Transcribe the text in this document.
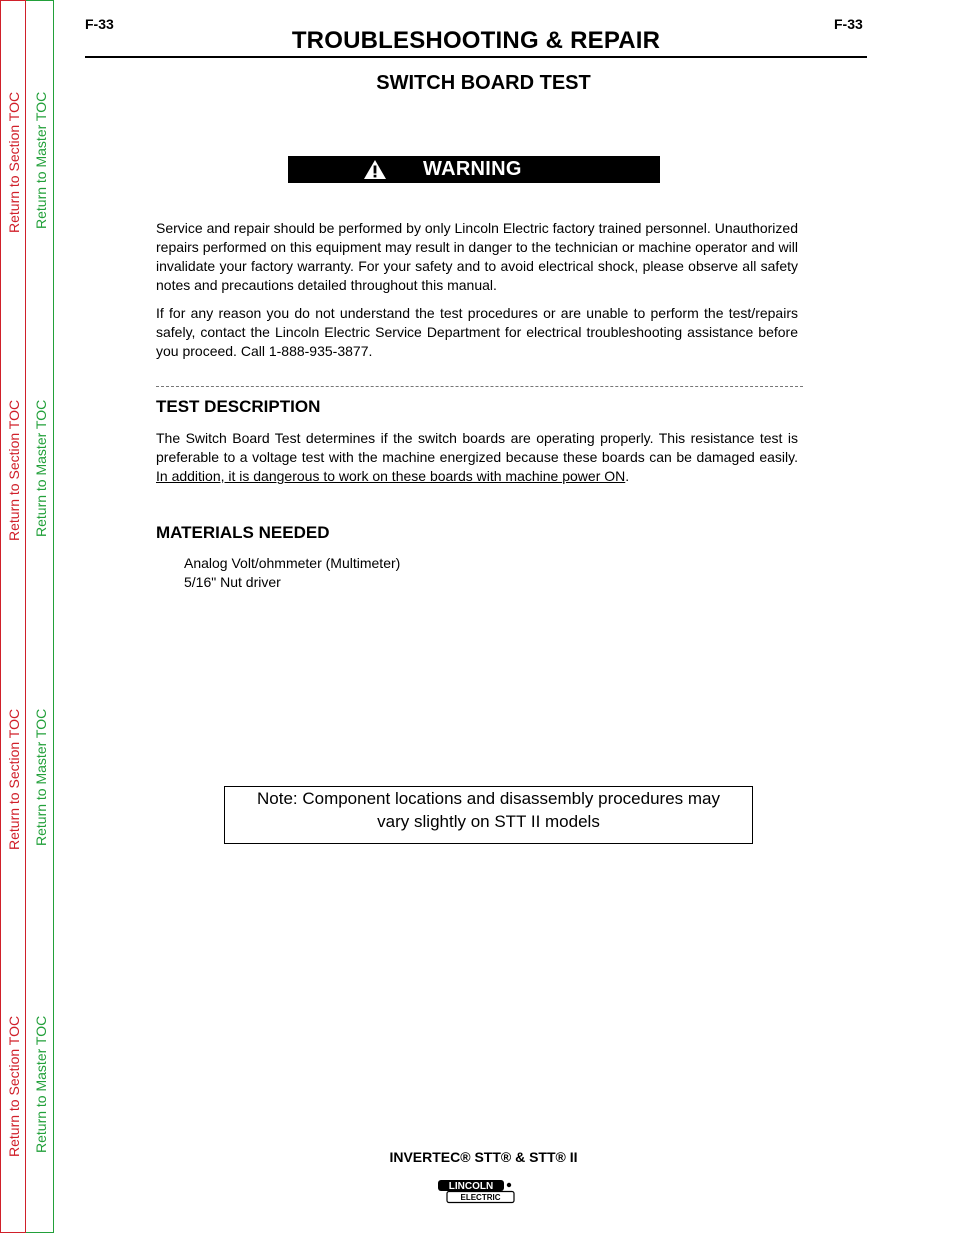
Return to Section TOC
Return to Section TOC
Return to Section TOC
Return to Section TOC
Return to Master TOC
Return to Master TOC
Return to Master TOC
Return to Master TOC
F-33	F-33
TROUBLESHOOTING & REPAIR
SWITCH BOARD TEST
WARNING

Service and repair should be performed by only Lincoln Electric factory trained personnel. Unauthorized repairs performed on this equipment may result in danger to the technician or machine operator and will invalidate your factory warranty. For your safety and to avoid electrical shock, please observe all safety notes and precautions detailed throughout this manual.

If for any reason you do not understand the test procedures or are unable to perform the test/repairs safely, contact the Lincoln Electric Service Department for electrical troubleshooting assistance before you proceed. Call 1-888-935-3877.

TEST DESCRIPTION

The Switch Board Test determines if the switch boards are operating properly. This resistance test is preferable to a voltage test with the machine energized because these boards can be damaged easily. In addition, it is dangerous to work on these boards with machine power ON.

MATERIALS NEEDED
Analog Volt/ohmmeter (Multimeter)
5/16" Nut driver
Note: Component locations and disassembly procedures may
vary slightly on STT II models
INVERTEC® STT® & STT® II
LINCOLN
ELECTRIC
